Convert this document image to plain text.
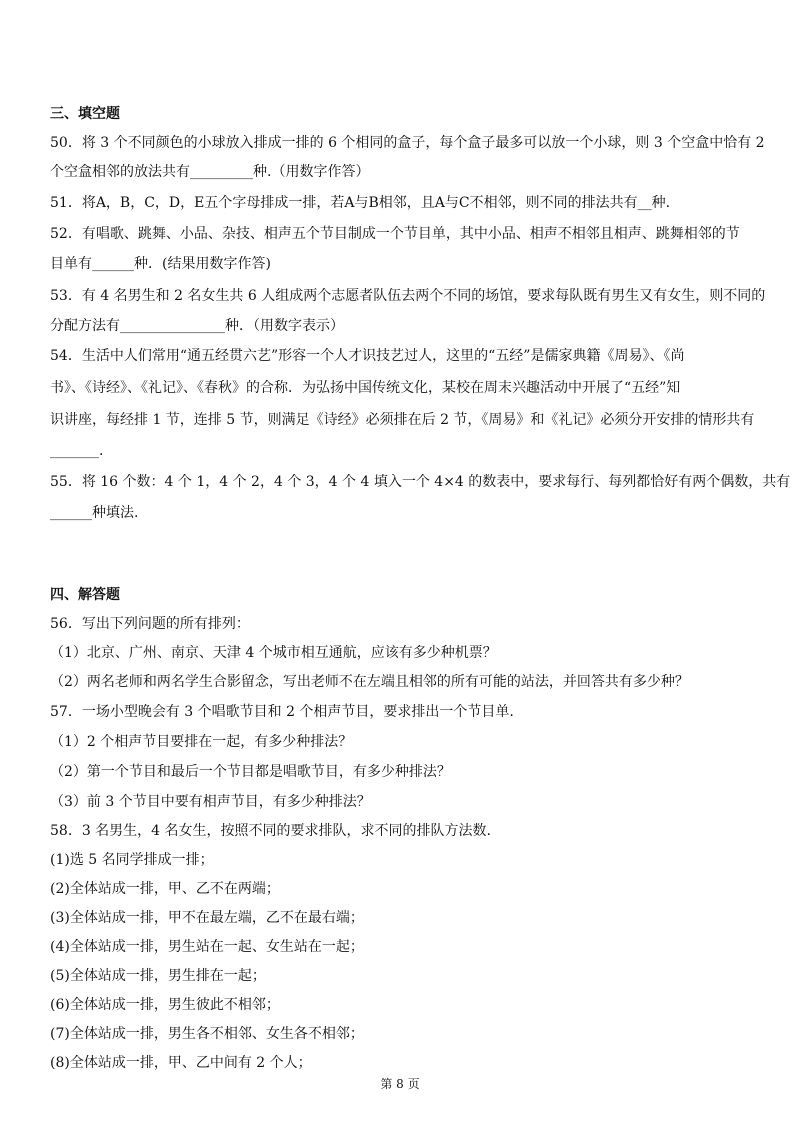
三、填空题
50．将 3 个不同颜色的小球放入排成一排的 6 个相同的盒子，每个盒子最多可以放一个小球，则 3 个空盒中恰有 2
个空盒相邻的放法共有_________种.（用数字作答）
51．将A，B，C，D，E五个字母排成一排，若A与B相邻，且A与C不相邻，则不同的排法共有__种.
52．有唱歌、跳舞、小品、杂技、相声五个节目制成一个节目单，其中小品、相声不相邻且相声、跳舞相邻的节
目单有______种．(结果用数字作答)
53．有 4 名男生和 2 名女生共 6 人组成两个志愿者队伍去两个不同的场馆，要求每队既有男生又有女生，则不同的
分配方法有_______________种．（用数字表示）
54．生活中人们常用“通五经贯六艺”形容一个人才识技艺过人，这里的“五经”是儒家典籍《周易》、《尚
书》、《诗经》、《礼记》、《春秋》的合称．为弘扬中国传统文化，某校在周末兴趣活动中开展了“五经”知
识讲座，每经排 1 节，连排 5 节，则满足《诗经》必须排在后 2 节，《周易》和《礼记》必须分开安排的情形共有
_______.
55．将 16 个数：4 个 1，4 个 2，4 个 3，4 个 4 填入一个 4×4 的数表中，要求每行、每列都恰好有两个偶数，共有
______种填法.
四、解答题
56．写出下列问题的所有排列：
（1）北京、广州、南京、天津 4 个城市相互通航，应该有多少种机票？
（2）两名老师和两名学生合影留念，写出老师不在左端且相邻的所有可能的站法，并回答共有多少种？
57．一场小型晚会有 3 个唱歌节目和 2 个相声节目，要求排出一个节目单.
（1）2 个相声节目要排在一起，有多少种排法？
（2）第一个节目和最后一个节目都是唱歌节目，有多少种排法？
（3）前 3 个节目中要有相声节目，有多少种排法？
58．3 名男生，4 名女生，按照不同的要求排队，求不同的排队方法数.
(1)选 5 名同学排成一排；
(2)全体站成一排，甲、乙不在两端；
(3)全体站成一排，甲不在最左端，乙不在最右端；
(4)全体站成一排，男生站在一起、女生站在一起；
(5)全体站成一排，男生排在一起；
(6)全体站成一排，男生彼此不相邻；
(7)全体站成一排，男生各不相邻、女生各不相邻；
(8)全体站成一排，甲、乙中间有 2 个人；
第 8 页
